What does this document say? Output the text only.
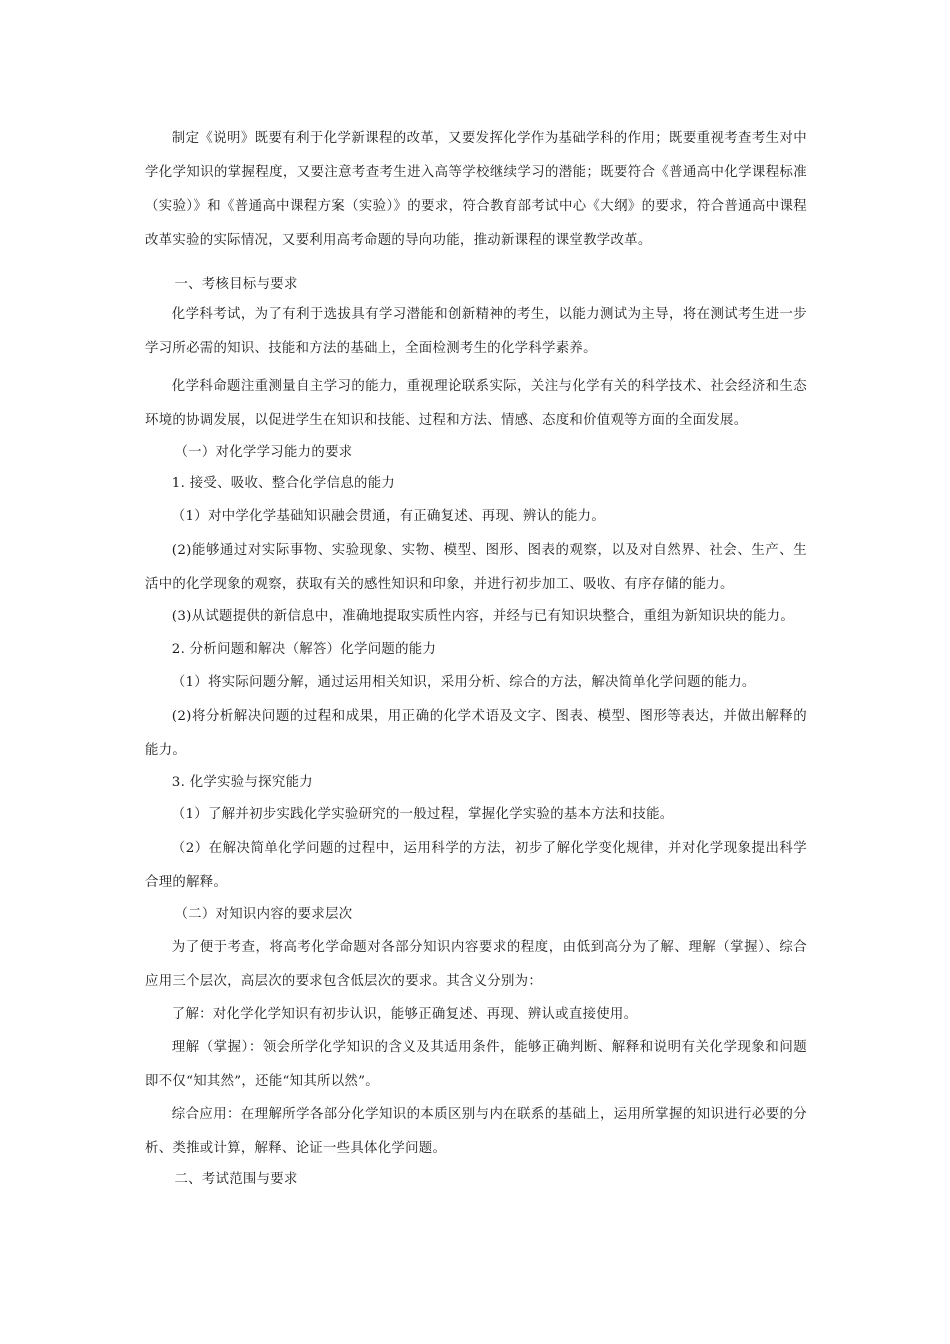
制定《说明》既要有利于化学新课程的改革，又要发挥化学作为基础学科的作用；既要重视考查考生对中学化学知识的掌握程度，又要注意考查考生进入高等学校继续学习的潜能；既要符合《普通高中化学课程标准（实验）》和《普通高中课程方案（实验）》的要求，符合教育部考试中心《大纲》的要求，符合普通高中课程改革实验的实际情况，又要利用高考命题的导向功能，推动新课程的课堂教学改革。

一、考核目标与要求

化学科考试，为了有利于选拔具有学习潜能和创新精神的考生，以能力测试为主导，将在测试考生进一步学习所必需的知识、技能和方法的基础上，全面检测考生的化学科学素养。

化学科命题注重测量自主学习的能力，重视理论联系实际，关注与化学有关的科学技术、社会经济和生态环境的协调发展，以促进学生在知识和技能、过程和方法、情感、态度和价值观等方面的全面发展。

（一）对化学学习能力的要求

1. 接受、吸收、整合化学信息的能力

（1）对中学化学基础知识融会贯通，有正确复述、再现、辨认的能力。

(2)能够通过对实际事物、实验现象、实物、模型、图形、图表的观察，以及对自然界、社会、生产、生活中的化学现象的观察，获取有关的感性知识和印象，并进行初步加工、吸收、有序存储的能力。

(3)从试题提供的新信息中，准确地提取实质性内容，并经与已有知识块整合，重组为新知识块的能力。

2. 分析问题和解决（解答）化学问题的能力

（1）将实际问题分解，通过运用相关知识，采用分析、综合的方法，解决简单化学问题的能力。

(2)将分析解决问题的过程和成果，用正确的化学术语及文字、图表、模型、图形等表达，并做出解释的能力。

3. 化学实验与探究能力

（1）了解并初步实践化学实验研究的一般过程，掌握化学实验的基本方法和技能。

（2）在解决简单化学问题的过程中，运用科学的方法，初步了解化学变化规律，并对化学现象提出科学合理的解释。

（二）对知识内容的要求层次

为了便于考查，将高考化学命题对各部分知识内容要求的程度，由低到高分为了解、理解（掌握）、综合应用三个层次，高层次的要求包含低层次的要求。其含义分别为：

了解：对化学化学知识有初步认识，能够正确复述、再现、辨认或直接使用。

理解（掌握）：领会所学化学知识的含义及其适用条件，能够正确判断、解释和说明有关化学现象和问题即不仅“知其然”，还能“知其所以然”。

综合应用：在理解所学各部分化学知识的本质区别与内在联系的基础上，运用所掌握的知识进行必要的分析、类推或计算，解释、论证一些具体化学问题。

二、考试范围与要求
